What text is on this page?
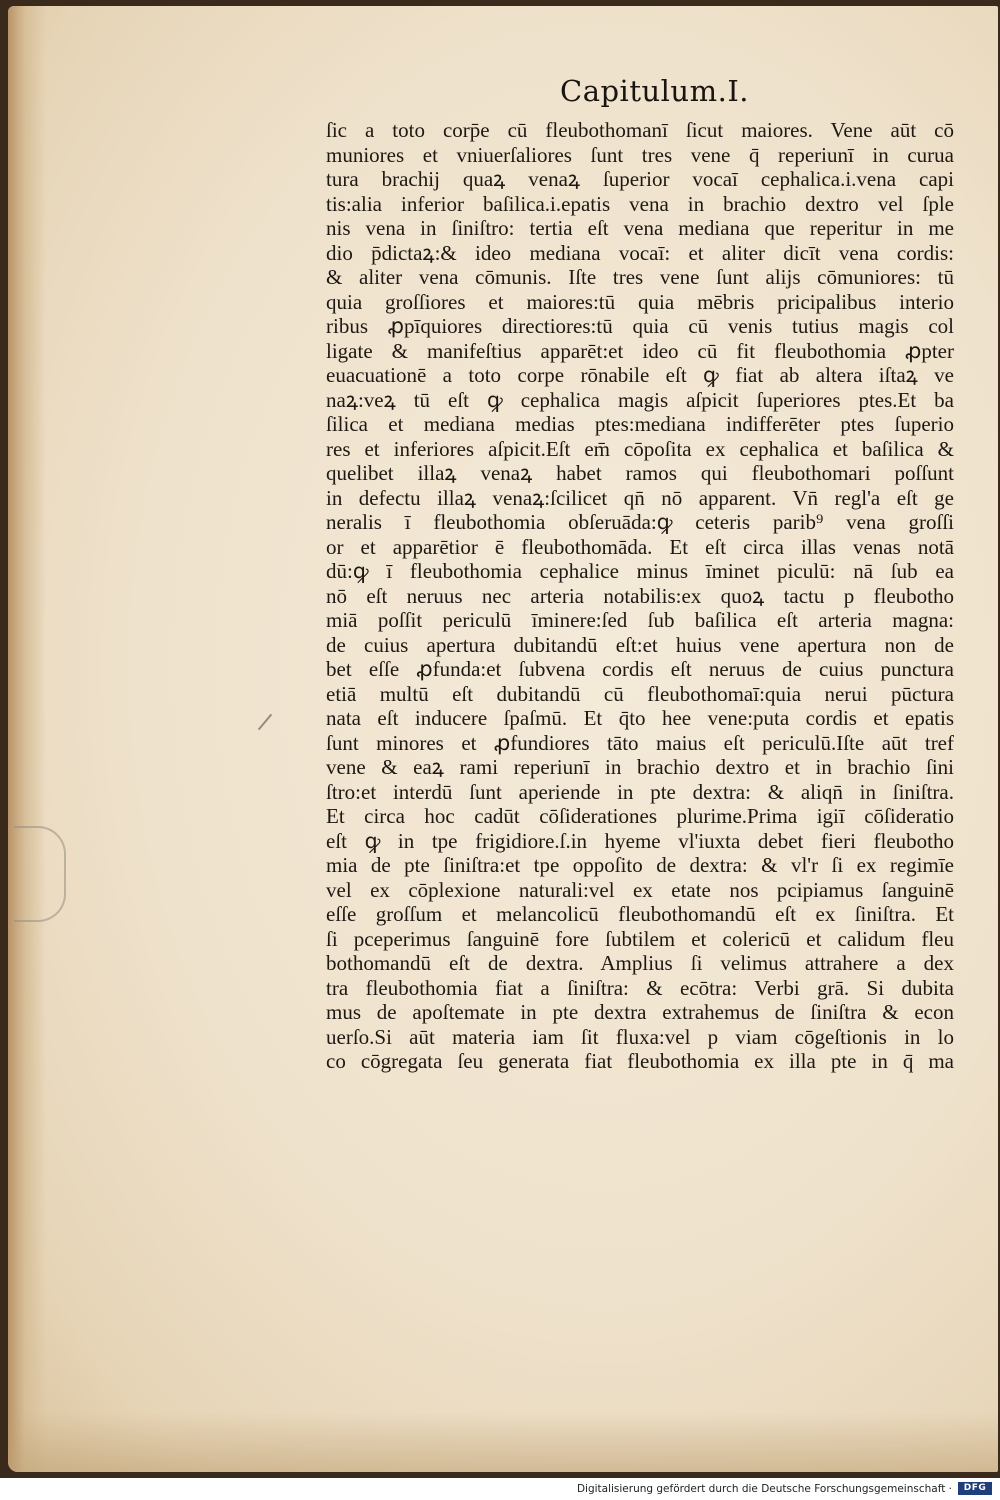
Capitulum.I.
ſic a toto corp̄e cū fleubothomanī ſicut maiores. Vene aūt cō
muniores et vniuerſaliores ſunt tres vene q̄ reperiunī in curua
tura brachij quaꝝ venaꝝ ſuperior vocaī cephalica.i.vena capi
tis:alia inferior baſilica.i.epatis vena in brachio dextro vel ſple
nis vena in ſiniſtro: tertia eſt vena mediana que reperitur in me
dio p̄dictaꝝ:& ideo mediana vocaī: et aliter dicīt vena cordis:
& aliter vena cōmunis. Iſte tres vene ſunt alijs cōmuniores: tū
quia groſſiores et maiores:tū quia mēbris pricipalibus interio
ribus ꝓpīquiores directiores:tū quia cū venis tutius magis col
ligate & manifeſtius apparēt:et ideo cū fit fleubothomia ꝓpter
euacuationē a toto corpe rōnabile eſt ꝙ fiat ab altera iſtaꝝ ve
naꝝ:veꝝ tū eſt ꝙ cephalica magis aſpicit ſuperiores ptes.Et ba
ſilica et mediana medias ptes:mediana indifferēter ptes ſuperio
res et inferiores aſpicit.Eſt em̄ cōpoſita ex cephalica et baſilica &
quelibet illaꝝ venaꝝ habet ramos qui fleubothomari poſſunt
in defectu illaꝝ venaꝝ:ſcilicet qn̄ nō apparent. Vn̄ regl'a eſt ge
neralis ī fleubothomia obſeruāda:ꝙ ceteris parib⁹ vena groſſi
or et apparētior ē fleubothomāda. Et eſt circa illas venas notā
dū:ꝙ ī fleubothomia cephalice minus īminet piculū: nā ſub ea
nō eſt neruus nec arteria notabilis:ex quoꝝ tactu p fleubotho
miā poſſit periculū īminere:ſed ſub baſilica eſt arteria magna:
de cuius apertura dubitandū eſt:et huius vene apertura non de
bet eſſe ꝓfunda:et ſubvena cordis eſt neruus de cuius punctura
etiā multū eſt dubitandū cū fleubothomaī:quia nerui pūctura
nata eſt inducere ſpaſmū. Et q̄to hee vene:puta cordis et epatis
ſunt minores et ꝓfundiores tāto maius eſt periculū.Iſte aūt tref
vene & eaꝝ rami reperiunī in brachio dextro et in brachio ſini
ſtro:et interdū ſunt aperiende in pte dextra: & aliqn̄ in ſiniſtra.
Et circa hoc cadūt cōſiderationes plurime.Prima igiī cōſideratio
eſt ꝙ in tpe frigidiore.ſ.in hyeme vl'iuxta debet fieri fleubotho
mia de pte ſiniſtra:et tpe oppoſito de dextra: & vl'r ſi ex regimīe
vel ex cōplexione naturali:vel ex etate nos pcipiamus ſanguinē
eſſe groſſum et melancolicū fleubothomandū eſt ex ſiniſtra. Et
ſi pceperimus ſanguinē fore ſubtilem et colericū et calidum fleu
bothomandū eſt de dextra. Amplius ſi velimus attrahere a dex
tra fleubothomia fiat a ſiniſtra: & ecōtra: Verbi grā. Si dubita
mus de apoſtemate in pte dextra extrahemus de ſiniſtra & econ
uerſo.Si aūt materia iam ſit fluxa:vel p viam cōgeſtionis in lo
co cōgregata ſeu generata fiat fleubothomia ex illa pte in q̄ ma
Digitalisierung gefördert durch die Deutsche Forschungsgemeinschaft ·	DFG
